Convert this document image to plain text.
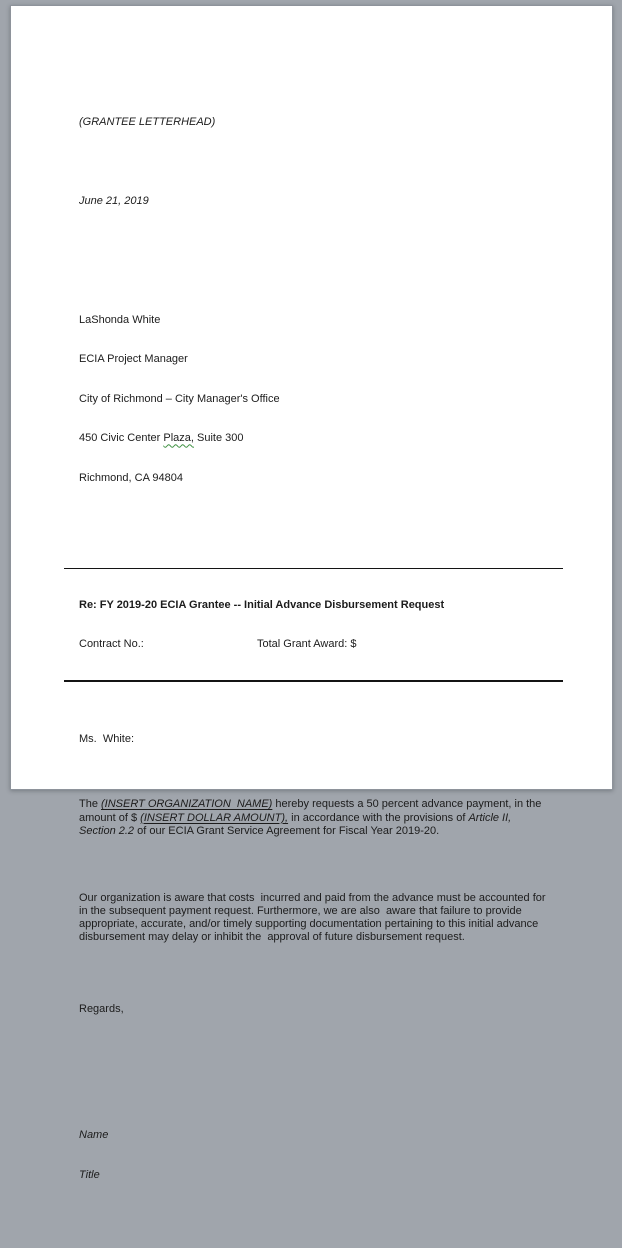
(GRANTEE LETTERHEAD)

June 21, 2019

LaShonda White

ECIA Project Manager

City of Richmond – City Manager's Office

450 Civic Center Plaza, Suite 300

Richmond, CA 94804

Re: FY 2019-20 ECIA Grantee -- Initial Advance Disbursement Request

Contract No.:	Total Grant Award: $

Ms.  White:

The (INSERT ORGANIZATION  NAME) hereby requests a 50 percent advance payment, in the amount of $ (INSERT DOLLAR AMOUNT), in accordance with the provisions of Article II,  Section 2.2 of our ECIA Grant Service Agreement for Fiscal Year 2019-20.

Our organization is aware that costs  incurred and paid from the advance must be accounted for in the subsequent payment request. Furthermore, we are also  aware that failure to provide appropriate, accurate, and/or timely supporting documentation pertaining to this initial advance disbursement may delay or inhibit the  approval of future disbursement request.

Regards,

Name

Title
